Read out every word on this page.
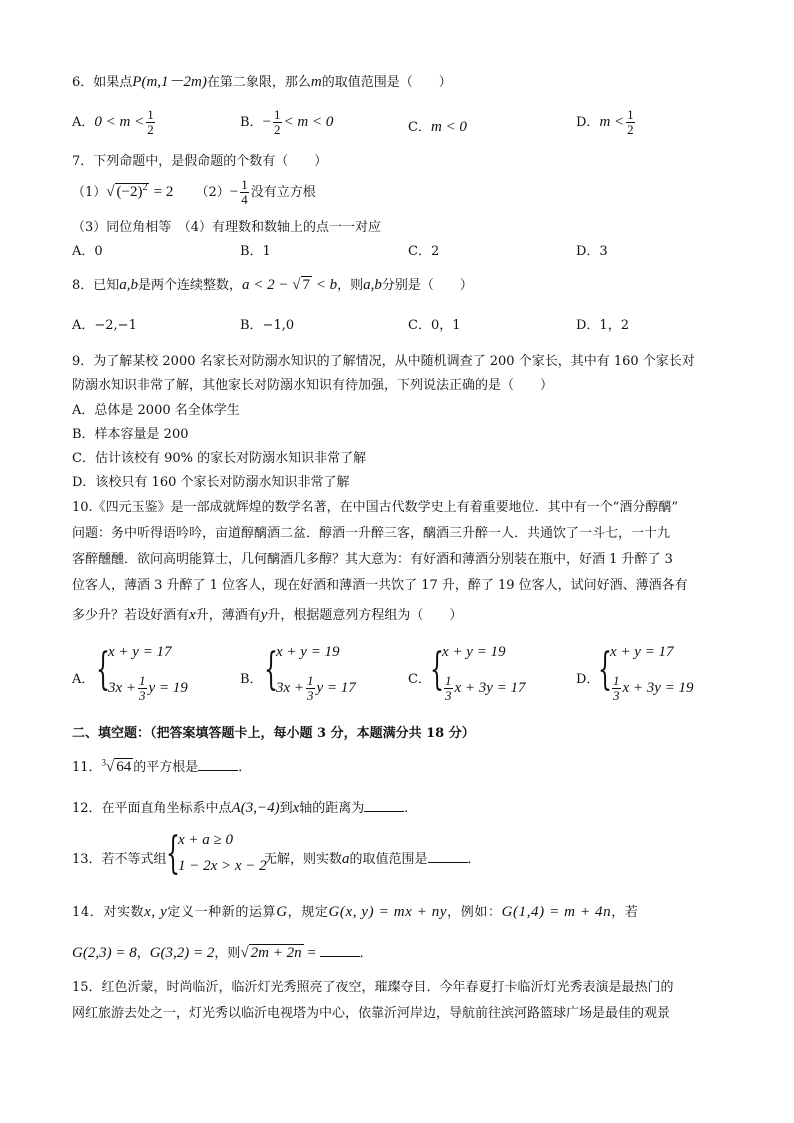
6．如果点P(m,1－2m)在第二象限，那么m的取值范围是（　　）
A．$0 < m < \frac{1}{2}$	B．− $\frac{1}{2} < m < 0$	C．m < 0	D．$m < \frac{1}{2}$
7．下列命题中，是假命题的个数有（　　）
（1）√ $(-2)^2 = 2$ $(2)- \frac{1}{4}$ 没有立方根
（3）同位角相等　（4）有理数和数轴上的点一一对应
A．0	B．1	C．2	D．3
8．已知a,b是两个连续整数，a < 2 − √ 7 < b，则a,b分别是（　　）
A．−2,−1	B．−1,0	C．0，1	D．1，2
9．为了解某校 2000 名家长对防溺水知识的了解情况，从中随机调查了 200 个家长，其中有 160 个家长对
防溺水知识非常了解，其他家长对防溺水知识有待加强，下列说法正确的是（　　）
A．总体是 2000 名全体学生
B．样本容量是 200
C．估计该校有 90% 的家长对防溺水知识非常了解
D．该校只有 160 个家长对防溺水知识非常了解
10.《四元玉鉴》是一部成就辉煌的数学名著，在中国古代数学史上有着重要地位．其中有一个“酒分醇醨”
问题：务中听得语吟吟，亩道醇醨酒二盆．醇酒一升醉三客，醨酒三升醉一人．共通饮了一斗七，一十九
客醉醺醺．欲问高明能算士，几何醨酒几多醇？其大意为：有好酒和薄酒分别装在瓶中，好酒 1 升醉了 3
位客人，薄酒 3 升醉了 1 位客人，现在好酒和薄酒一共饮了 17 升，醉了 19 位客人，试问好酒、薄酒各有
多少升？若设好酒有x升，薄酒有y升，根据题意列方程组为（　　）
A． {
x + y = 17
$3x + \frac{1}{3}$ y = 19
B． {
x + y = 19
$3x + \frac{1}{3}$ y = 17
C． {
x + y = 19
$\frac{1}{3}$ x + 3y = 17
D．
{
x + y = 17
$\frac{1}{3}$ x + 3y = 19
二、填空题：（把答案填答题卡上，每小题 3 分，本题满分共 18 分）
11．$^3$√ 64 的平方根是	．
12．在平面直角坐标系中点A(3,−4)到x轴的距离为	．
13．若不等式组 {
x + a ≥ 0
1 − 2x > x − 2
无解，则实数a的取值范围是	．
14．对实数x, y定义一种新的运算G，规定G(x, y) = mx + ny，例如：G(1,4) = m + 4n，若
G(2,3) = 8，G(3,2) = 2，则√ 2m + 2n =	．
15．红色沂蒙，时尚临沂，临沂灯光秀照亮了夜空，璀璨夺目．今年春夏打卡临沂灯光秀表演是最热门的
网红旅游去处之一，灯光秀以临沂电视塔为中心，依靠沂河岸边，导航前往滨河路篮球广场是最佳的观景
